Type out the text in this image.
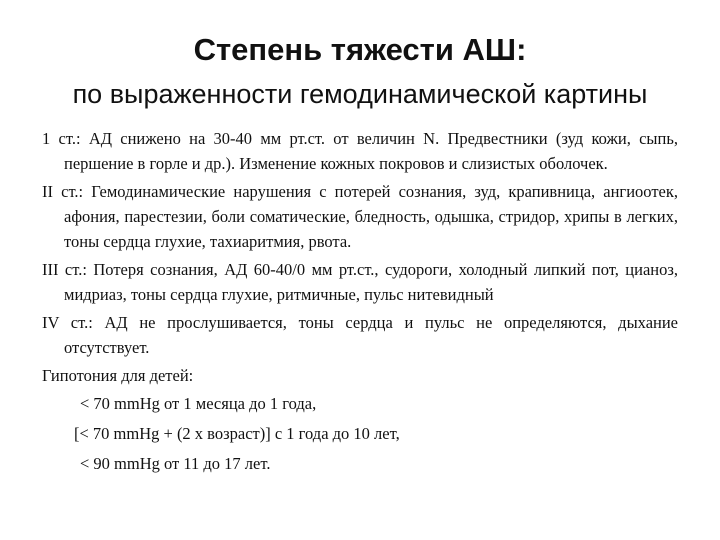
Степень тяжести АШ:
по выраженности гемодинамической картины

1 ст.: АД снижено на 30-40 мм рт.ст. от величин N. Предвестники (зуд кожи, сыпь, першение в горле и др.). Изменение кожных покровов и слизистых оболочек.

II ст.: Гемодинамические нарушения с потерей сознания, зуд, крапивница, ангиоотек, афония, парестезии, боли соматические, бледность, одышка, стридор, хрипы в легких, тоны сердца глухие, тахиаритмия, рвота.

III ст.: Потеря сознания, АД 60-40/0 мм рт.ст., судороги, холодный липкий пот, цианоз, мидриаз, тоны сердца глухие, ритмичные, пульс нитевидный

IV ст.: АД не прослушивается, тоны сердца и пульс не определяются, дыхание отсутствует.

Гипотония для детей:

< 70 mmHg от 1 месяца до 1 года,

[< 70 mmHg + (2 x возраст)] с 1 года до 10 лет,

< 90 mmHg от 11 до 17 лет.
